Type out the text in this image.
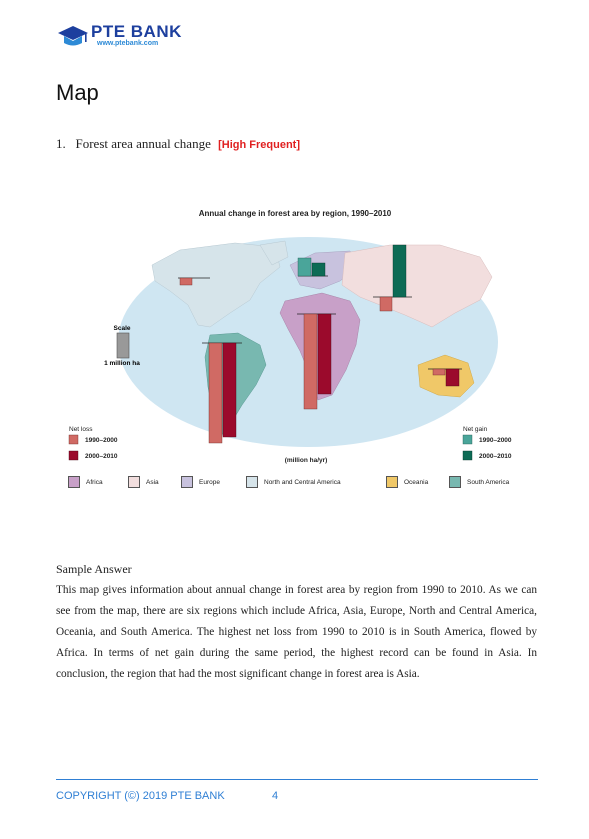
PTE BANK
www.ptebank.com
Map
1. Forest area annual change [High Frequent]
Annual change in forest area by region, 1990–2010
Scale
1 million ha
Net loss
1990–2000
2000–2010
(million ha/yr)
Net gain
1990–2000
2000–2010
Africa	Asia	Europe	North and Central America	Oceania	South America
Sample Answer
This map gives information about annual change in forest area by region from 1990 to 2010. As we can see from the map, there are six regions which include Africa, Asia, Europe, North and Central America, Oceania, and South America. The highest net loss from 1990 to 2010 is in South America, flowed by Africa. In terms of net gain during the same period, the highest record can be found in Asia. In conclusion, the region that had the most significant change in forest area is Asia.
COPYRIGHT (©) 2019 PTE BANK	4
